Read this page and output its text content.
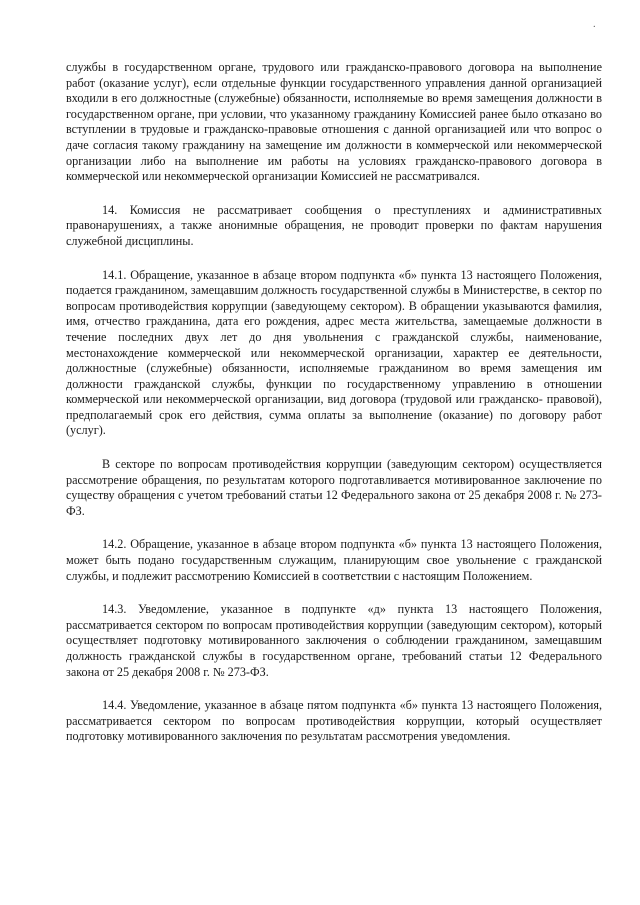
·

службы в государственном органе, трудового или гражданско-правового договора на выполнение работ (оказание услуг), если отдельные функции государственного управления данной организацией входили в его должностные (служебные) обязанности, исполняемые во время замещения должности в государственном органе, при условии, что указанному гражданину Комиссией ранее было отказано во вступлении в трудовые и гражданско-правовые отношения с данной организацией или что вопрос о даче согласия такому гражданину на замещение им должности в коммерческой или некоммерческой организации либо на выполнение им работы на условиях гражданско-правового договора в коммерческой или некоммерческой организации Комиссией не рассматривался.

14. Комиссия не рассматривает сообщения о преступлениях и административных правонарушениях, а также анонимные обращения, не проводит проверки по фактам нарушения служебной дисциплины.

14.1. Обращение, указанное в абзаце втором подпункта «б» пункта 13 настоящего Положения, подается гражданином, замещавшим должность государственной службы в Министерстве, в сектор по вопросам противодействия коррупции (заведующему сектором). В обращении указываются фамилия, имя, отчество гражданина, дата его рождения, адрес места жительства, замещаемые должности в течение последних двух лет до дня увольнения с гражданской службы, наименование, местонахождение коммерческой или некоммерческой организации, характер ее деятельности, должностные (служебные) обязанности, исполняемые гражданином во время замещения им должности гражданской службы, функции по государственному управлению в отношении коммерческой или некоммерческой организации, вид договора (трудовой или гражданско- правовой), предполагаемый срок его действия, сумма оплаты за выполнение (оказание) по договору работ (услуг).

В секторе по вопросам противодействия коррупции (заведующим сектором) осуществляется рассмотрение обращения, по результатам которого подготавливается мотивированное заключение по существу обращения с учетом требований статьи 12 Федерального закона от 25 декабря 2008 г. № 273- ФЗ.

14.2. Обращение, указанное в абзаце втором подпункта «б» пункта 13 настоящего Положения, может быть подано государственным служащим, планирующим свое увольнение с гражданской службы, и подлежит рассмотрению Комиссией в соответствии с настоящим Положением.

14.3. Уведомление, указанное в подпункте «д» пункта 13 настоящего Положения, рассматривается сектором по вопросам противодействия коррупции (заведующим сектором), который осуществляет подготовку мотивированного заключения о соблюдении гражданином, замещавшим должность гражданской службы в государственном органе, требований статьи 12 Федерального закона от 25 декабря 2008 г. № 273-ФЗ.

14.4. Уведомление, указанное в абзаце пятом подпункта «б» пункта 13 настоящего Положения, рассматривается сектором по вопросам противодействия коррупции, который осуществляет подготовку мотивированного заключения по результатам рассмотрения уведомления.
